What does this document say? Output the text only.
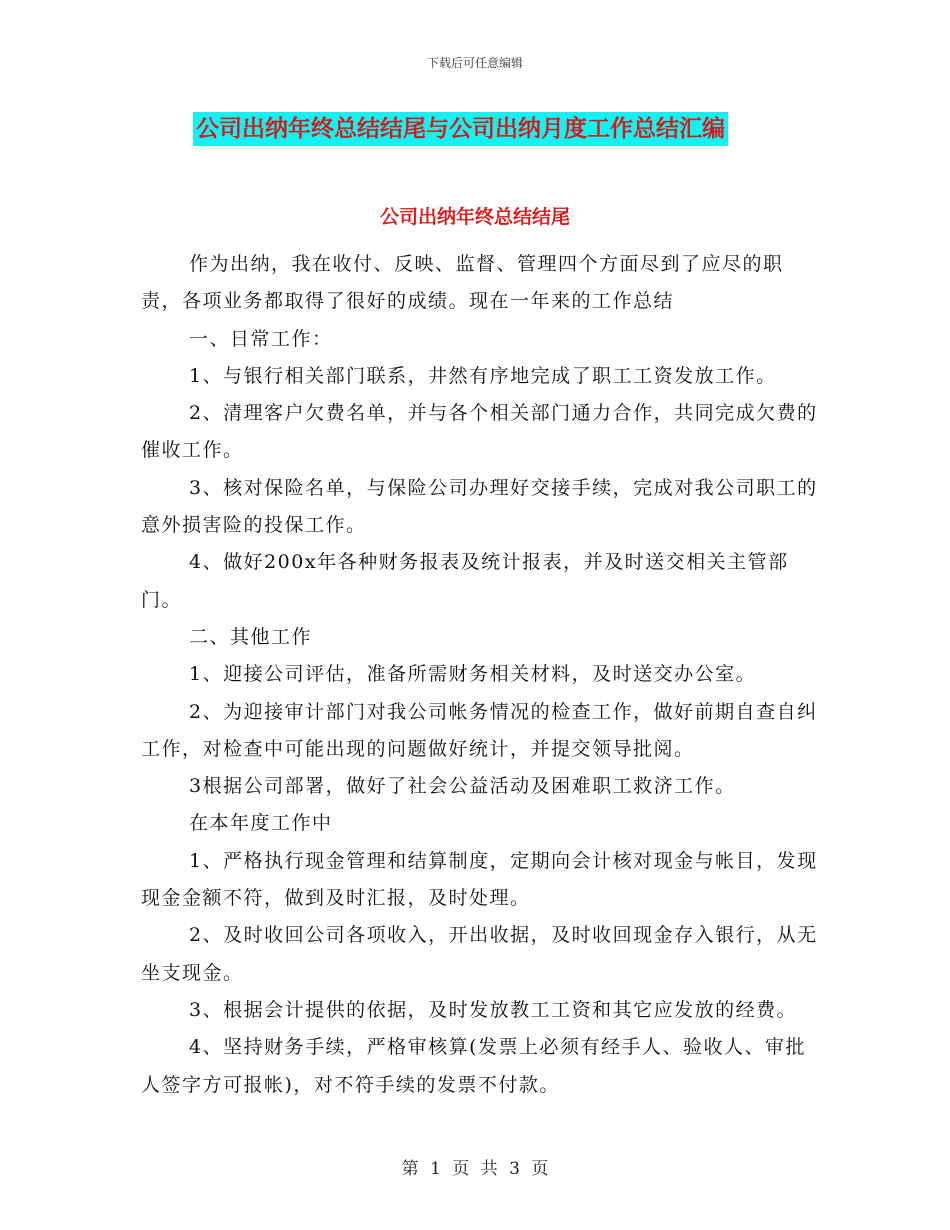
下载后可任意编辑
公司出纳年终总结结尾与公司出纳月度工作总结汇编
公司出纳年终总结结尾

作为出纳，我在收付、反映、监督、管理四个方面尽到了应尽的职责，各项业务都取得了很好的成绩。现在一年来的工作总结

一、日常工作：

1、与银行相关部门联系，井然有序地完成了职工工资发放工作。

2、清理客户欠费名单，并与各个相关部门通力合作，共同完成欠费的催收工作。

3、核对保险名单，与保险公司办理好交接手续，完成对我公司职工的意外损害险的投保工作。

4、做好200x年各种财务报表及统计报表，并及时送交相关主管部门。

二、其他工作

1、迎接公司评估，准备所需财务相关材料，及时送交办公室。

2、为迎接审计部门对我公司帐务情况的检查工作，做好前期自查自纠工作，对检查中可能出现的问题做好统计，并提交领导批阅。

3根据公司部署，做好了社会公益活动及困难职工救济工作。

在本年度工作中

1、严格执行现金管理和结算制度，定期向会计核对现金与帐目，发现现金金额不符，做到及时汇报，及时处理。

2、及时收回公司各项收入，开出收据，及时收回现金存入银行，从无坐支现金。

3、根据会计提供的依据，及时发放教工工资和其它应发放的经费。

4、坚持财务手续，严格审核算(发票上必须有经手人、验收人、审批人签字方可报帐)，对不符手续的发票不付款。

第 1 页 共 3 页
